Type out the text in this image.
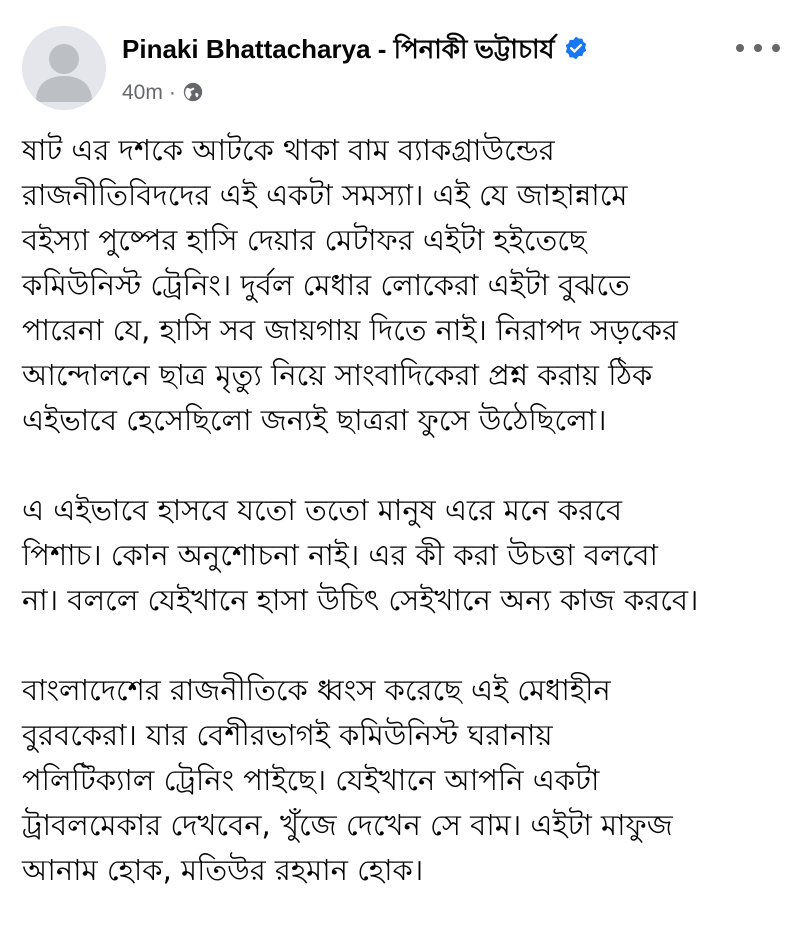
Pinaki Bhattacharya - পিনাকী ভট্টাচার্য
40m ·
ষাট এর দশকে আটকে থাকা বাম ব্যাকগ্রাউন্ডের
রাজনীতিবিদদের এই একটা সমস্যা। এই যে জাহান্নামে
বইস্যা পুষ্পের হাসি দেয়ার মেটাফর এইটা হইতেছে
কমিউনিস্ট ট্রেনিং। দুর্বল মেধার লোকেরা এইটা বুঝতে
পারেনা যে, হাসি সব জায়গায় দিতে নাই। নিরাপদ সড়কের
আন্দোলনে ছাত্র মৃত্যু নিয়ে সাংবাদিকেরা প্রশ্ন করায় ঠিক
এইভাবে হেসেছিলো জন্যই ছাত্ররা ফুসে উঠেছিলো।
এ এইভাবে হাসবে যতো ততো মানুষ এরে মনে করবে
পিশাচ। কোন অনুশোচনা নাই। এর কী করা উচত্তা বলবো
না। বললে যেইখানে হাসা উচিৎ সেইখানে অন্য কাজ করবে।
বাংলাদেশের রাজনীতিকে ধ্বংস করেছে এই মেধাহীন
বুরবকেরা। যার বেশীরভাগই কমিউনিস্ট ঘরানায়
পলিটিক্যাল ট্রেনিং পাইছে। যেইখানে আপনি একটা
ট্রাবলমেকার দেখবেন, খুঁজে দেখেন সে বাম। এইটা মাফুজ
আনাম হোক, মতিউর রহমান হোক।
